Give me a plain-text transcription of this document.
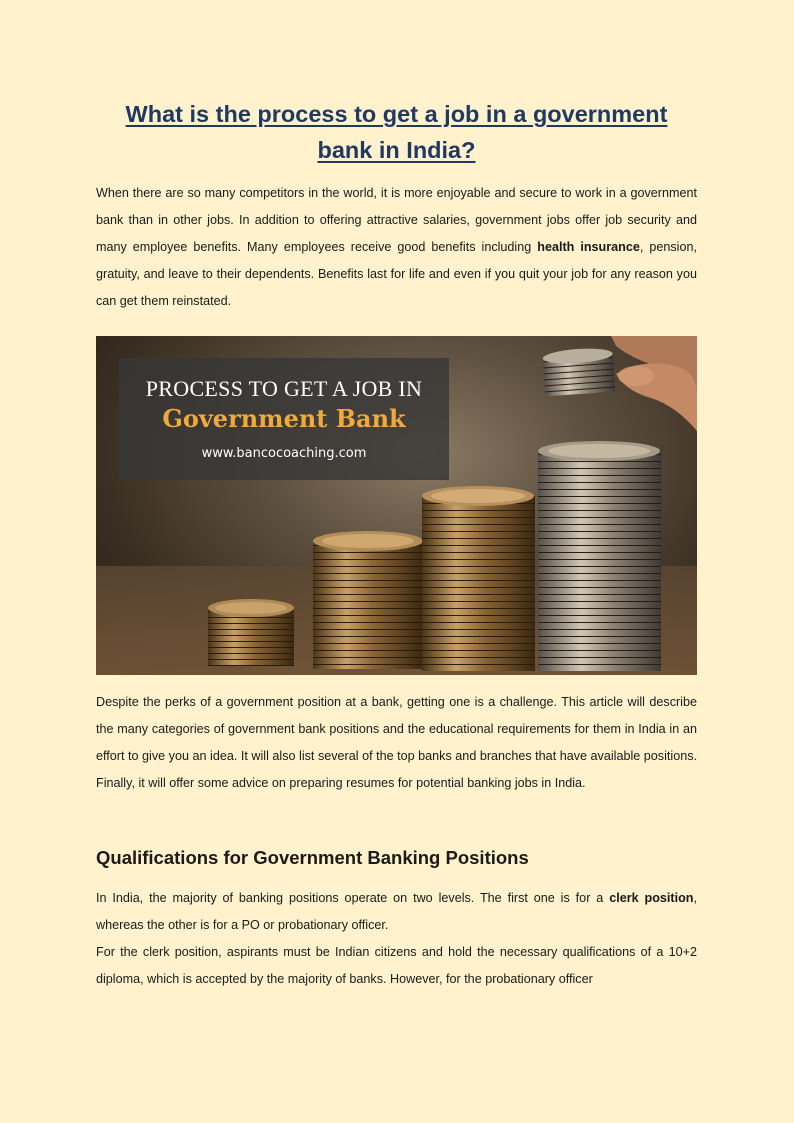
What is the process to get a job in a government bank in India?

When there are so many competitors in the world, it is more enjoyable and secure to work in a government bank than in other jobs. In addition to offering attractive salaries, government jobs offer job security and many employee benefits. Many employees receive good benefits including health insurance, pension, gratuity, and leave to their dependents. Benefits last for life and even if you quit your job for any reason you can get them reinstated.

PROCESS TO GET A JOB IN
Government Bank
www.bancocoaching.com

Despite the perks of a government position at a bank, getting one is a challenge. This article will describe the many categories of government bank positions and the educational requirements for them in India in an effort to give you an idea. It will also list several of the top banks and branches that have available positions. Finally, it will offer some advice on preparing resumes for potential banking jobs in India.

Qualifications for Government Banking Positions

In India, the majority of banking positions operate on two levels. The first one is for a clerk position, whereas the other is for a PO or probationary officer.

For the clerk position, aspirants must be Indian citizens and hold the necessary qualifications of a 10+2 diploma, which is accepted by the majority of banks. However, for the probationary officer
